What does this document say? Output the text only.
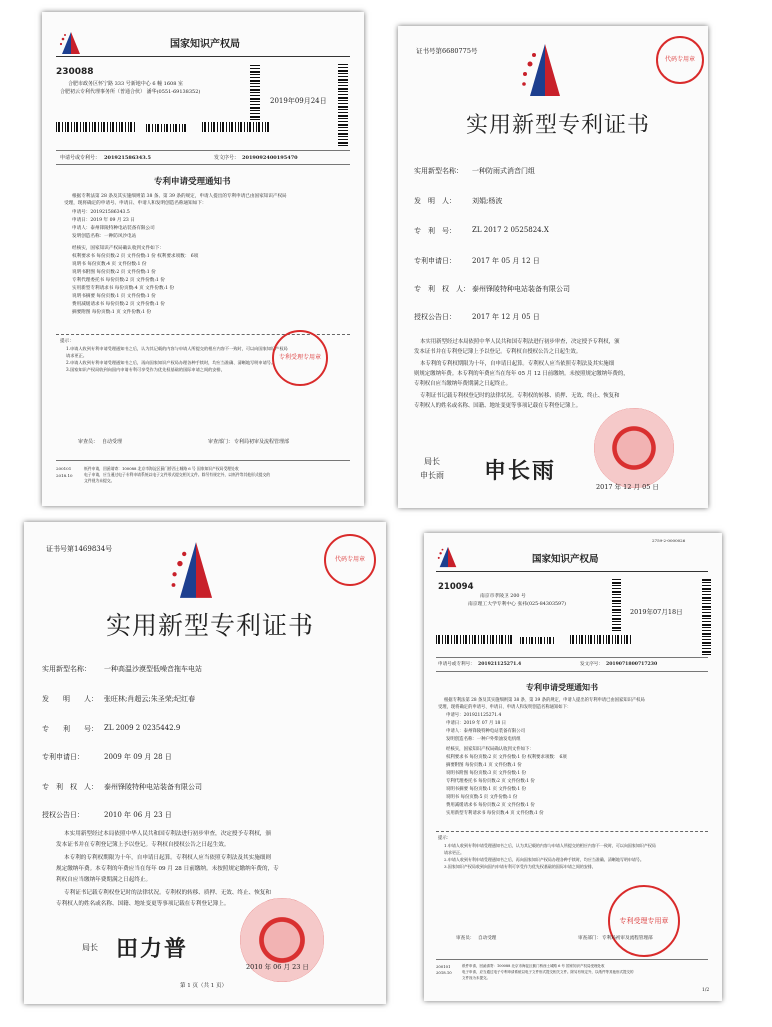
国家知识产权局
230088
合肥市政务区怀宁路 333 号新地中心 6 幢 1608 室
合肥初云专利代理事务所（普通合伙） 潘华(0551-69138352)
2019年09月24日
申请号或专利号： 201921586343.5	发文序号： 2019092400195470
专利申请受理通知书
根据专利法第 28 条及其实施细则第 38 条、第 39 条的规定，申请人提出的专利申请已由国家知识产权局
受理，现将确定的申请号、申请日、申请人和发明创造名称通知如下：
申请号：201921586343.5
申请日：2019 年 09 月 23 日
申请人：泰州锋陵特种电站装备有限公司
发明创造名称：一种防风沙电站
经核实，国家知识产权局确认收到文件如下：
权利要求书 每份页数:2 页 文件份数:1 份 权利要求项数： 6项
说明书 每份页数:4 页 文件份数:1 份
说明书附图 每份页数:2 页 文件份数:1 份
专利代理委托书 每份页数:2 页 文件份数:1 份
实用新型专利请求书 每份页数:4 页 文件份数:1 份
说明书摘要 每份页数:1 页 文件份数:1 份
费用减缓请求书 每份页数:2 页 文件份数:1 份
摘要附图 每份页数:1 页 文件份数:1 份
提示：
1.申请人收到专利申请受理通知书之后，认为其记载的内容与申请人所提交的相应内容不一致时，可以向国家知识产权局
请求更正。
2.申请人收到专利申请受理通知书之后，再向国家知识产权局办理各种手续时，均应当准确、清晰地写明申请号。
3.国家知识产权局收到向国内申请专利可享受作为优先权基础的国际申请之间的安排，
专利受理专用章
审查员： 自动受理	审查部门： 专利局初审及流程管理部
200101
2018.10
纸件申请，回函请寄：100088 北京市海淀区蓟门桥西土城路 6 号 国家知识产权局受理处收
电子申请，应当通过电子专利申请系统以电子文件形式提交相关文件。除另有规定外，以纸件等其他形式提交的
文件视为未提交。
证书号第6680775号
代码专用章
实用新型专利证书
实用新型名称： 一种防雨式消音门组
发　明　人： 刘娟;杨波
专　利　号： ZL 2017 2 0525824.X
专利申请日： 2017 年 05 月 12 日
专　利　权　人： 泰州锋陵特种电站装备有限公司
授权公告日： 2017 年 12 月 05 日
本实用新型经过本局依照中华人民共和国专利法进行初步审查，决定授予专利权，颁
发本证书并在专利登记簿上予以登记。专利权自授权公告之日起生效。
本专利的专利权期限为十年，自申请日起算。专利权人应当依照专利法及其实施细
则规定缴纳年费。本专利的年费应当在每年 05 月 12 日前缴纳。未按照规定缴纳年费的，
专利权自应当缴纳年费期满之日起终止。
专利证书记载专利权登记时的法律状况。专利权的转移、质押、无效、终止、恢复和
专利权人的姓名或名称、国籍、地址变更等事项记载在专利登记簿上。
局长
申长雨 申长雨
2017 年 12 月 05 日
证书号第1469834号
代码专用章
实用新型专利证书
实用新型名称： 一种高温沙漠型低噪音拖车电站
发　　明　　人： 张旺林;肖超云;朱圣荣;纪红春
专　　利　　号： ZL 2009 2 0235442.9
专利申请日：	2009 年 09 月 28 日
专　利　权　人： 泰州锋陵特种电站装备有限公司
授权公告日：	2010 年 06 月 23 日
本实用新型经过本局依照中华人民共和国专利法进行初步审查，决定授予专利权，颁
发本证书并在专利登记簿上予以登记。专利权自授权公告之日起生效。
本专利的专利权期限为十年，自申请日起算。专利权人应当依照专利法及其实施细则
规定缴纳年费。本专利的年费应当在每年 09 月 28 日前缴纳。未按照规定缴纳年费的，专
利权自应当缴纳年费期满之日起终止。
专利证书记载专利权登记时的法律状况。专利权的转移、质押、无效、终止、恢复和
专利权人的姓名或名称、国籍、地址变更等事项记载在专利登记簿上。
局长 田力普
2010 年 06 月 23 日
第 1 页（共 1 页）
2759-2-0000026
国家知识产权局
210094
南京市孝陵卫 200 号
南京理工大学专利中心 张祎(025-84303597)
2019年07月18日
申请号或专利号： 201921125271.4	发文序号： 2019071800717230
专利申请受理通知书
根据专利法第 28 条及其实施细则第 38 条、第 39 条的规定，申请人提出的专利申请已由国家知识产权局
受理，现将确定的申请号、申请日、申请人和发明创造名称通知如下：
申请号：201921125271.4
申请日：2019 年 07 月 18 日
申请人：泰州锋陵特种电站装备有限公司
发明创造名称：一种户外柴油发电机组
经核实，国家知识产权局确认收到文件如下：
权利要求书 每份页数:2 页 文件份数:1 份 权利要求项数： 6项
摘要附图 每份页数:1 页 文件份数:1 份
说明书附图 每份页数:3 页 文件份数:1 份
专利代理委托书 每份页数:2 页 文件份数:1 份
说明书摘要 每份页数:1 页 文件份数:1 份
说明书 每份页数:5 页 文件份数:1 份
费用减缓请求书 每份页数:2 页 文件份数:1 份
实用新型专利请求书 每份页数:4 页 文件份数:1 份
提示：
1.申请人收到专利申请受理通知书之后，认为其记载的内容与申请人所提交的相应内容不一致时，可以向国家知识产权局
请求更正。
2.申请人收到专利申请受理通知书之后，再向国家知识产权局办理各种手续时，均应当准确、清晰地写明申请号。
3.国家知识产权局收到向国内申请专利可享受作为优先权基础的国际申请之间的安排，
专利受理专用章
审查员： 自动受理	审查部门： 专利局初审及流程管理部
200101
2018.10
纸件申请，回函请寄：100088 北京市海淀区蓟门桥西土城路 6 号 国家知识产权局受理处收
电子申请，应当通过电子专利申请系统以电子文件形式提交相关文件。除另有规定外，以纸件等其他形式提交的
文件视为未提交。
1/2
